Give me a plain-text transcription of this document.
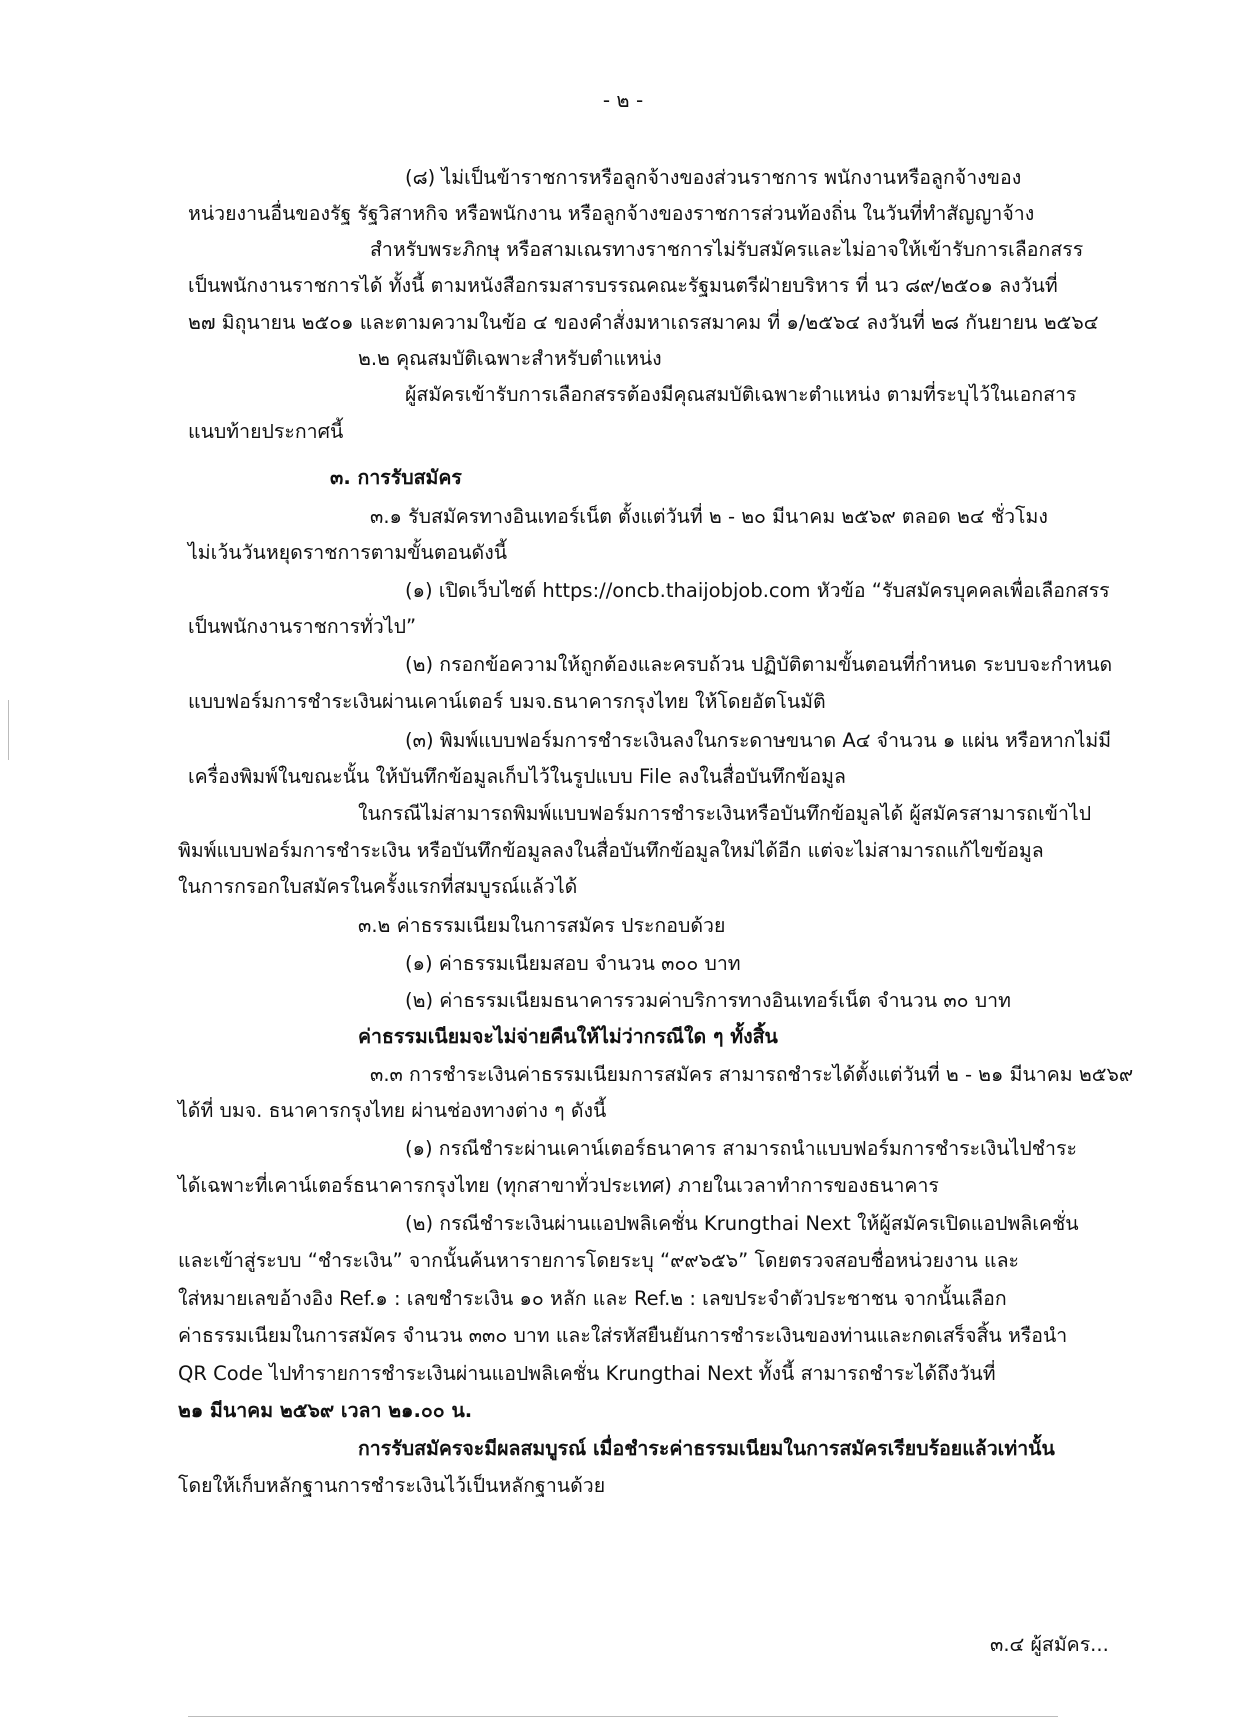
- ๒ -
(๘) ไม่เป็นข้าราชการหรือลูกจ้างของส่วนราชการ พนักงานหรือลูกจ้างของ
หน่วยงานอื่นของรัฐ รัฐวิสาหกิจ หรือพนักงาน หรือลูกจ้างของราชการส่วนท้องถิ่น ในวันที่ทำสัญญาจ้าง
สำหรับพระภิกษุ หรือสามเณรทางราชการไม่รับสมัครและไม่อาจให้เข้ารับการเลือกสรร
เป็นพนักงานราชการได้ ทั้งนี้ ตามหนังสือกรมสารบรรณคณะรัฐมนตรีฝ่ายบริหาร ที่ นว ๘๙/๒๕๐๑ ลงวันที่
๒๗ มิถุนายน ๒๕๐๑ และตามความในข้อ ๔ ของคำสั่งมหาเถรสมาคม ที่ ๑/๒๕๖๔ ลงวันที่ ๒๘ กันยายน ๒๕๖๔
๒.๒ คุณสมบัติเฉพาะสำหรับตำแหน่ง
ผู้สมัครเข้ารับการเลือกสรรต้องมีคุณสมบัติเฉพาะตำแหน่ง ตามที่ระบุไว้ในเอกสาร
แนบท้ายประกาศนี้
๓. การรับสมัคร
๓.๑ รับสมัครทางอินเทอร์เน็ต ตั้งแต่วันที่ ๒ - ๒๐ มีนาคม ๒๕๖๙ ตลอด ๒๔ ชั่วโมง
ไม่เว้นวันหยุดราชการตามขั้นตอนดังนี้
(๑) เปิดเว็บไซต์ https://oncb.thaijobjob.com หัวข้อ “รับสมัครบุคคลเพื่อเลือกสรร
เป็นพนักงานราชการทั่วไป”
(๒) กรอกข้อความให้ถูกต้องและครบถ้วน ปฏิบัติตามขั้นตอนที่กำหนด ระบบจะกำหนด
แบบฟอร์มการชำระเงินผ่านเคาน์เตอร์ บมจ.ธนาคารกรุงไทย ให้โดยอัตโนมัติ
(๓) พิมพ์แบบฟอร์มการชำระเงินลงในกระดาษขนาด A๔ จำนวน ๑ แผ่น หรือหากไม่มี
เครื่องพิมพ์ในขณะนั้น ให้บันทึกข้อมูลเก็บไว้ในรูปแบบ File ลงในสื่อบันทึกข้อมูล
ในกรณีไม่สามารถพิมพ์แบบฟอร์มการชำระเงินหรือบันทึกข้อมูลได้ ผู้สมัครสามารถเข้าไป
พิมพ์แบบฟอร์มการชำระเงิน หรือบันทึกข้อมูลลงในสื่อบันทึกข้อมูลใหม่ได้อีก แต่จะไม่สามารถแก้ไขข้อมูล
ในการกรอกใบสมัครในครั้งแรกที่สมบูรณ์แล้วได้
๓.๒ ค่าธรรมเนียมในการสมัคร ประกอบด้วย
(๑) ค่าธรรมเนียมสอบ จำนวน ๓๐๐ บาท
(๒) ค่าธรรมเนียมธนาคารรวมค่าบริการทางอินเทอร์เน็ต จำนวน ๓๐ บาท
ค่าธรรมเนียมจะไม่จ่ายคืนให้ไม่ว่ากรณีใด ๆ ทั้งสิ้น
๓.๓ การชำระเงินค่าธรรมเนียมการสมัคร สามารถชำระได้ตั้งแต่วันที่ ๒ - ๒๑ มีนาคม ๒๕๖๙
ได้ที่ บมจ. ธนาคารกรุงไทย ผ่านช่องทางต่าง ๆ ดังนี้
(๑) กรณีชำระผ่านเคาน์เตอร์ธนาคาร สามารถนำแบบฟอร์มการชำระเงินไปชำระ
ได้เฉพาะที่เคาน์เตอร์ธนาคารกรุงไทย (ทุกสาขาทั่วประเทศ) ภายในเวลาทำการของธนาคาร
(๒) กรณีชำระเงินผ่านแอปพลิเคชั่น Krungthai Next ให้ผู้สมัครเปิดแอปพลิเคชั่น
และเข้าสู่ระบบ “ชำระเงิน” จากนั้นค้นหารายการโดยระบุ “๙๙๖๕๖” โดยตรวจสอบชื่อหน่วยงาน และ
ใส่หมายเลขอ้างอิง Ref.๑ : เลขชำระเงิน ๑๐ หลัก และ Ref.๒ : เลขประจำตัวประชาชน จากนั้นเลือก
ค่าธรรมเนียมในการสมัคร จำนวน ๓๓๐ บาท และใส่รหัสยืนยันการชำระเงินของท่านและกดเสร็จสิ้น หรือนำ
QR Code ไปทำรายการชำระเงินผ่านแอปพลิเคชั่น Krungthai Next ทั้งนี้ สามารถชำระได้ถึงวันที่
๒๑ มีนาคม ๒๕๖๙ เวลา ๒๑.๐๐ น.
การรับสมัครจะมีผลสมบูรณ์ เมื่อชำระค่าธรรมเนียมในการสมัครเรียบร้อยแล้วเท่านั้น
โดยให้เก็บหลักฐานการชำระเงินไว้เป็นหลักฐานด้วย
๓.๔ ผู้สมัคร...
